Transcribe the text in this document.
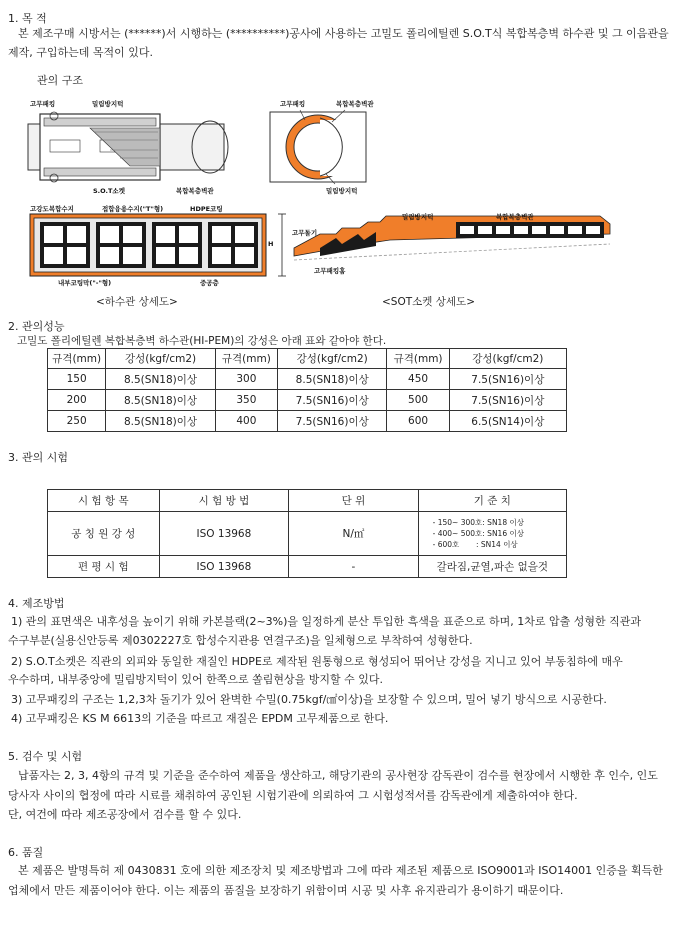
1. 목 적
본 제조구매 시방서는 (******)서 시행하는 (**********)공사에 사용하는 고밀도 폴리에틸렌 S.O.T식 복합복층벽 하수관 및 그 이음관을
제작, 구입하는데 목적이 있다.
관의 구조
고무패킹	밀림방지턱
S.O.T소켓	복합복층벽관
고무패킹	복합복층벽관
밀림방지턱
고강도복합수지	접합융용수지("T"형)	HDPE코팅
내부코팅막("-"형)	중공층
H
고무돌기
밀림방지턱	복합복층벽관
고무패킹홈
<하수관 상세도>	<SOT소켓 상세도>
2. 관의성능
고밀도 폴리에틸렌 복합복층벽 하수관(HI-PEM)의 강성은 아래 표와 같아야 한다.
규격(mm)	강성(kgf/cm2)	규격(mm)	강성(kgf/cm2)	규격(mm)	강성(kgf/cm2)
150	8.5(SN18)이상	300	8.5(SN18)이상	450	7.5(SN16)이상
200	8.5(SN18)이상	350	7.5(SN16)이상	500	7.5(SN16)이상
250	8.5(SN18)이상	400	7.5(SN16)이상	600	6.5(SN14)이상
3. 관의 시험
시 험 항 목	시 험 방 법	단 위	기 준 치
공 칭 원 강 성	ISO 13968	N/㎡	- 150~ 300호: SN18 이상
- 400~ 500호: SN16 이상
- 600호       : SN14 이상

편 평 시 험	ISO 13968	-	갈라짐,균열,파손 없을것
4. 제조방법
1) 관의 표면색은 내후성을 높이기 위해 카본블랙(2~3%)을 일정하게 분산 투입한 흑색을 표준으로 하며, 1차로 압출 성형한 직관과
수구부분(실용신안등록 제0302227호 합성수지관용 연결구조)을 일체형으로 부착하여 성형한다.
2) S.O.T소켓은 직관의 외피와 동일한 재질인 HDPE로 제작된 원통형으로 형성되어 뛰어난 강성을 지니고 있어 부동침하에 매우
우수하며, 내부중앙에 밀림방지턱이 있어 한쪽으로 쏠림현상을 방지할 수 있다.
3) 고무패킹의 구조는 1,2,3차 돌기가 있어 완벽한 수밀(0.75kgf/㎠이상)을 보장할 수 있으며, 밀어 넣기 방식으로 시공한다.
4) 고무패킹은 KS M 6613의 기준을 따르고 재질은 EPDM 고무제품으로 한다.
5. 검수 및 시험
납품자는 2, 3, 4항의 규격 및 기준을 준수하여 제품을 생산하고, 해당기관의 공사현장 감독관이 검수를 현장에서 시행한 후 인수, 인도
당사자 사이의 협정에 따라 시료를 채취하여 공인된 시험기관에 의뢰하여 그 시험성적서를 감독관에게 제출하여야 한다.
단, 여건에 따라 제조공장에서 검수를 할 수 있다.
6. 품질
본 제품은 발명특허 제 0430831 호에 의한 제조장치 및 제조방법과 그에 따라 제조된 제품으로 ISO9001과 ISO14001 인증을 획득한
업체에서 만든 제품이어야 한다. 이는 제품의 품질을 보장하기 위함이며 시공 및 사후 유지관리가 용이하기 때문이다.
